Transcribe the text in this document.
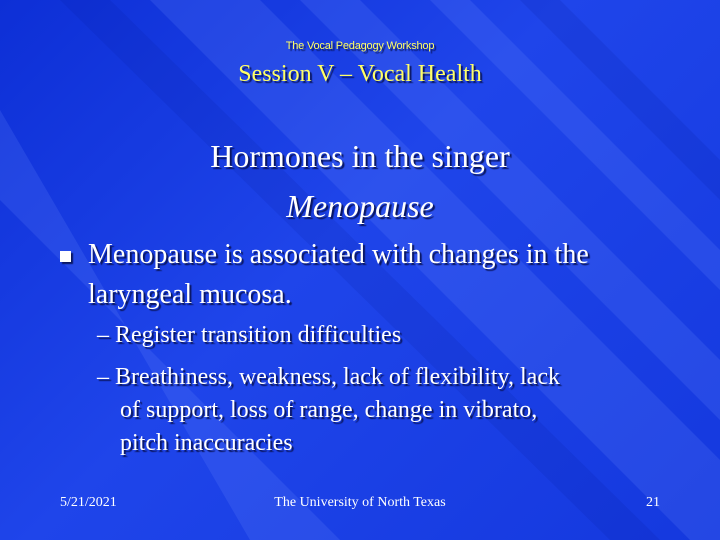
The Vocal Pedagogy Workshop
Session V – Vocal Health
Hormones in the singer
Menopause
Menopause is associated with changes in the
laryngeal mucosa.
– Register transition difficulties
– Breathiness, weakness, lack of flexibility, lack
of support, loss of range, change in vibrato,
pitch inaccuracies
5/21/2021	The University of North Texas	21
